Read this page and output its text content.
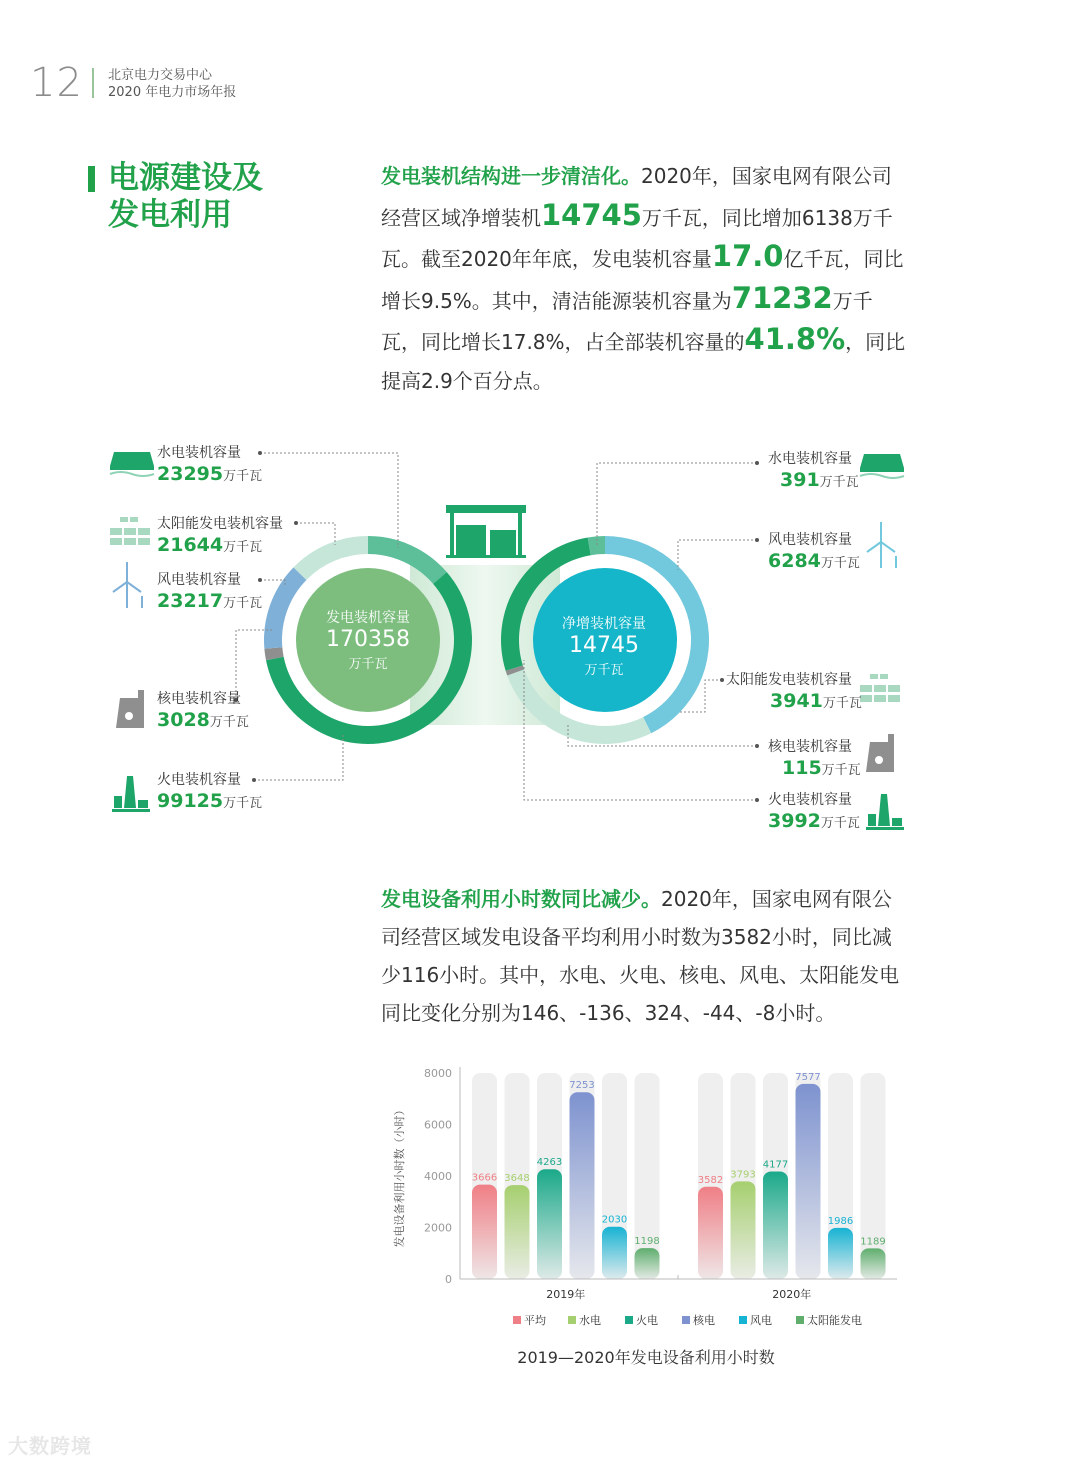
12 北京电力交易中心
2020 年电力市场年报
电源建设及
发电利用
发电装机结构进一步清洁化。2020年，国家电网有限公司经营区域净增装机14745万千瓦，同比增加6138万千瓦。截至2020年年底，发电装机容量17.0亿千瓦，同比增长9.5%。其中，清洁能源装机容量为71232万千瓦，同比增长17.8%，占全部装机容量的41.8%，同比提高2.9个百分点。
发电装机容量
170358
万千瓦
净增装机容量
14745
万千瓦
水电装机容量
23295万千瓦
太阳能发电装机容量
21644万千瓦
风电装机容量
23217万千瓦
核电装机容量
3028万千瓦
火电装机容量
99125万千瓦
水电装机容量
391万千瓦
风电装机容量
6284万千瓦
太阳能发电装机容量
3941万千瓦
核电装机容量
115万千瓦
火电装机容量
3992万千瓦
发电设备利用小时数同比减少。2020年，国家电网有限公司经营区域发电设备平均利用小时数为3582小时，同比减少116小时。其中，水电、火电、核电、风电、太阳能发电同比变化分别为146、-136、324、-44、-8小时。
0
2000
4000
6000
8000
发电设备利用小时数（小时）	3666 3648
4263
7253
2030
1198
2019年
3582 3793
4177
7577
1986
1189
2020年
平均	水电	火电	核电	风电	太阳能发电
2019—2020年发电设备利用小时数
大数跨境
